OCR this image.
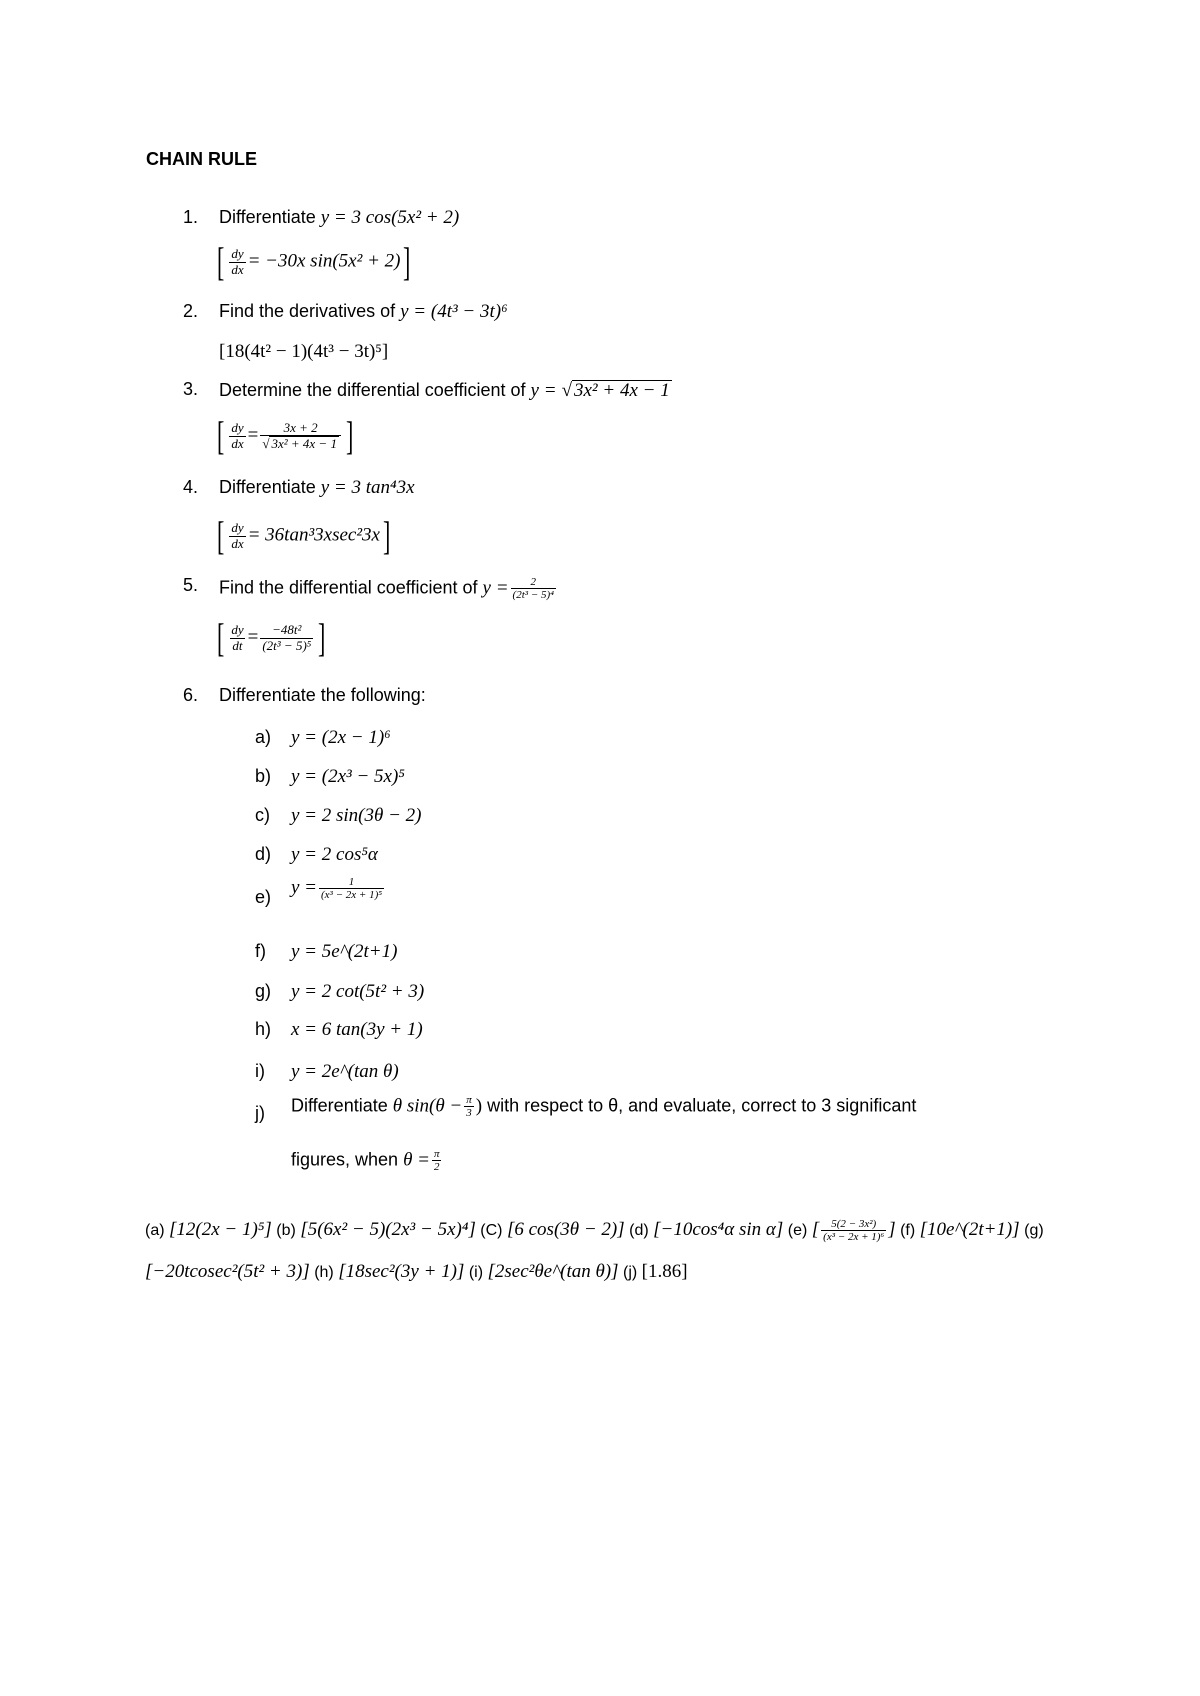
CHAIN RULE
1. Differentiate y = 3 cos(5x² + 2)
[ $\frac{dy}{dx} = -30x$ sin(5x² + 2)]
2. Find the derivatives of y = (4t³ − 3t)⁶
[18(4t² − 1)(4t³ − 3t)⁵]
3. Determine the differential coefficient of y = √ 3x² + 4x − 1
[ $\frac{dy}{dx} = \frac{3x + 2}{\text{√ 3x² + 4x − 1}}$ ]
4. Differentiate y = 3 tan⁴3x
[ $\frac{dy}{dx} = 36\tan^33xsec^23x$]
5. Find the differential coefficient of $y = \frac{2}{\text{(2t³ − 5)⁴}}$
[ $\frac{dy}{dt} = \frac{\text{−48t²}}{\text{(2t³ − 5)⁵}}$ ]
6. Differentiate the following:
a) y = (2x − 1)⁶
b) y = (2x³ − 5x)⁵
c) y = 2 sin(3θ − 2)
d) y = 2 cos⁵α
e) $y = \frac{1}{\text{(x³ − 2x + 1)⁵}}$
f) y = 5e^(2t+1)
g) y = 2 cot(5t² + 3)
h) x = 6 tan(3y + 1)
i) y = 2e^(tan θ)
j) Differentiate θ $\sin(\theta - \frac{\pi}{3}$ ) with respect to θ, and evaluate, correct to 3 significant
figures, when $\theta = \frac{\pi}{2}$
(a) [12(2x − 1)⁵] (b) [5(6x² − 5)(2x³ − 5x)⁴] (C) [6 cos(3θ − 2)] (d) [−10cos⁴α sin α] (e) [ $\frac{\text{5(2 − 3x²)}}{\text{(x³ − 2x + 1)⁶}}$ ] (f) [10e^(2t+1)] (g)
[−20tcosec²(5t² + 3)] (h) [18sec²(3y + 1)] (i) [2sec²θe^(tan θ)] (j) [1.86]
